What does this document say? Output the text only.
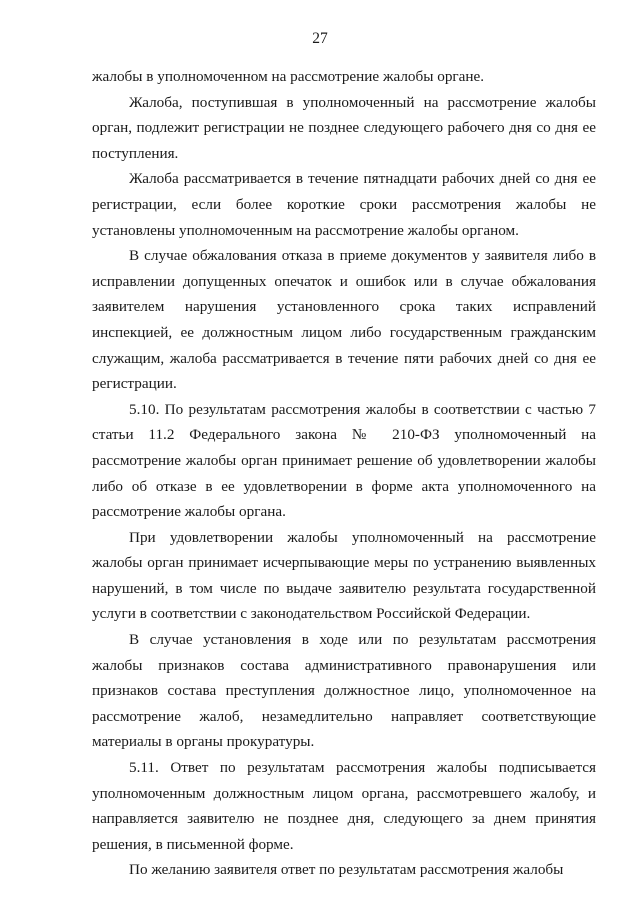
27

жалобы в уполномоченном на рассмотрение жалобы органе.

Жалоба, поступившая в уполномоченный на рассмотрение жалобы орган, подлежит регистрации не позднее следующего рабочего дня со дня ее поступления.

Жалоба рассматривается в течение пятнадцати рабочих дней со дня ее регистрации, если более короткие сроки рассмотрения жалобы не установлены уполномоченным на рассмотрение жалобы органом.

В случае обжалования отказа в приеме документов у заявителя либо в исправлении допущенных опечаток и ошибок или в случае обжалования заявителем нарушения установленного срока таких исправлений инспекцией, ее должностным лицом либо государственным гражданским служащим, жалоба рассматривается в течение пяти рабочих дней со дня ее регистрации.

5.10. По результатам рассмотрения жалобы в соответствии с частью 7 статьи 11.2 Федерального закона № 210-ФЗ уполномоченный на рассмотрение жалобы орган принимает решение об удовлетворении жалобы либо об отказе в ее удовлетворении в форме акта уполномоченного на рассмотрение жалобы органа.

При удовлетворении жалобы уполномоченный на рассмотрение жалобы орган принимает исчерпывающие меры по устранению выявленных нарушений, в том числе по выдаче заявителю результата государственной услуги в соответствии с законодательством Российской Федерации.

В случае установления в ходе или по результатам рассмотрения жалобы признаков состава административного правонарушения или признаков состава преступления должностное лицо, уполномоченное на рассмотрение жалоб, незамедлительно направляет соответствующие материалы в органы прокуратуры.

5.11. Ответ по результатам рассмотрения жалобы подписывается уполномоченным должностным лицом органа, рассмотревшего жалобу, и направляется заявителю не позднее дня, следующего за днем принятия решения, в письменной форме.

По желанию заявителя ответ по результатам рассмотрения жалобы
